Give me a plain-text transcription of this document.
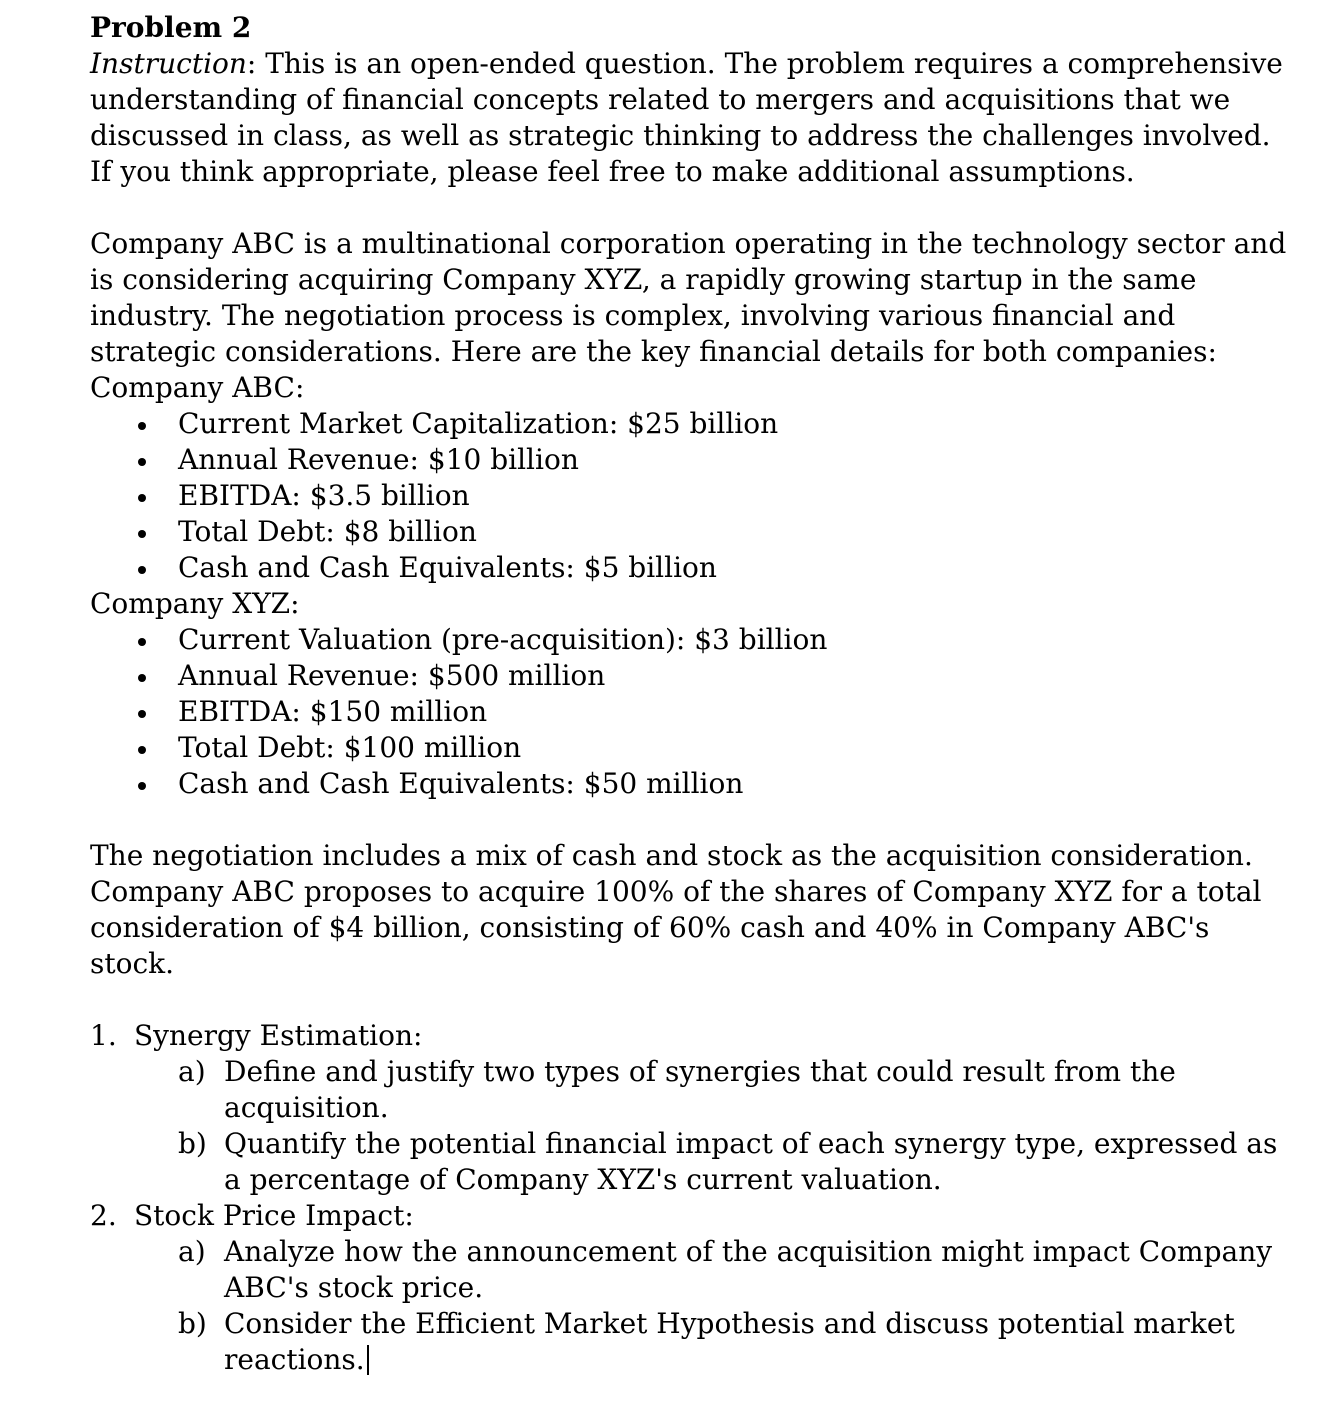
Problem 2

Instruction: This is an open-ended question. The problem requires a comprehensive understanding of financial concepts related to mergers and acquisitions that we discussed in class, as well as strategic thinking to address the challenges involved. If you think appropriate, please feel free to make additional assumptions.

Company ABC is a multinational corporation operating in the technology sector and is considering acquiring Company XYZ, a rapidly growing startup in the same industry. The negotiation process is complex, involving various financial and strategic considerations. Here are the key financial details for both companies:

Company ABC:

Current Market Capitalization: $25 billion
Annual Revenue: $10 billion
EBITDA: $3.5 billion
Total Debt: $8 billion
Cash and Cash Equivalents: $5 billion

Company XYZ:

Current Valuation (pre-acquisition): $3 billion
Annual Revenue: $500 million
EBITDA: $150 million
Total Debt: $100 million
Cash and Cash Equivalents: $50 million

The negotiation includes a mix of cash and stock as the acquisition consideration. Company ABC proposes to acquire 100% of the shares of Company XYZ for a total consideration of $4 billion, consisting of 60% cash and 40% in Company ABC's stock.

1. Synergy Estimation:
a) Define and justify two types of synergies that could result from the acquisition.
b) Quantify the potential financial impact of each synergy type, expressed as a percentage of Company XYZ's current valuation.
2. Stock Price Impact:
a) Analyze how the announcement of the acquisition might impact Company ABC's stock price.
b) Consider the Efficient Market Hypothesis and discuss potential market reactions.
